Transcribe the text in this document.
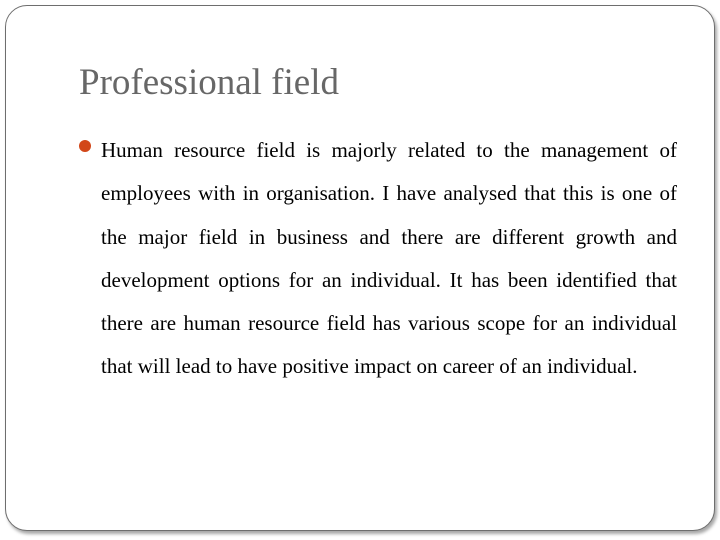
Professional field
Human resource field is majorly related to the management of employees with in organisation. I have analysed that this is one of the major field in business and there are different growth and development options for an individual. It has been identified that there are human resource field has various scope for an individual that will lead to have positive impact on career of an individual.
